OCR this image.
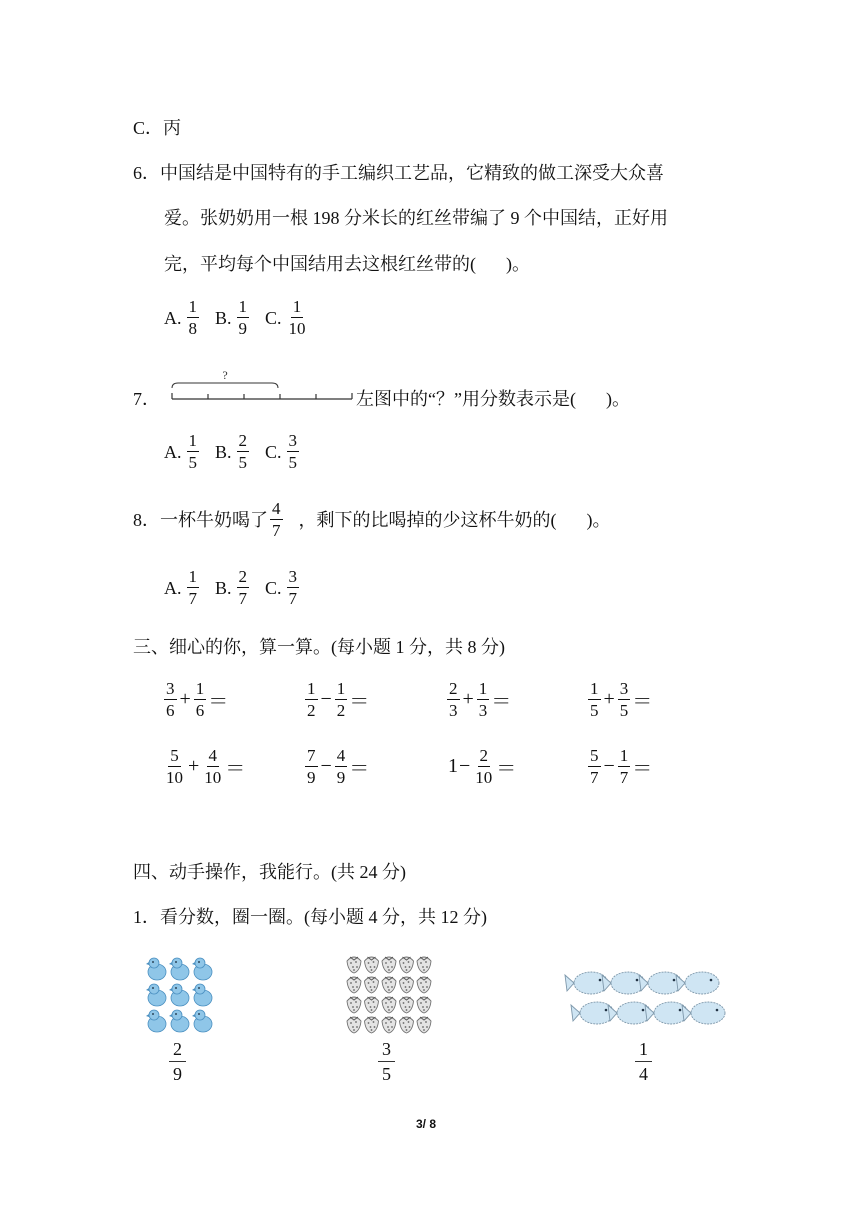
C．丙
6．中国结是中国特有的手工编织工艺品，它精致的做工深受大众喜
爱。张奶奶用一根 198 分米长的红丝带编了 9 个中国结，正好用
完，平均每个中国结用去这根红丝带的( )。
A. $\frac{1}{8} B$. $\frac{1}{9} C$. $\frac{1}{10}$
7．
?
左图中的“？”用分数表示是( )。
A. $\frac{1}{5} B$. $\frac{2}{5} C$. $\frac{3}{5}$
8．一杯牛奶喝了 $\frac{4}{7}$ ，剩下的比喝掉的少这杯牛奶的( )。
A. $\frac{1}{7} B$. $\frac{2}{7} C$. $\frac{3}{7}$
三、细心的你，算一算。(每小题 1 分，共 8 分)
$\frac{3}{6} + \frac{1}{6}$ ＝	$\frac{1}{2} - \frac{1}{2}$ ＝	$\frac{2}{3} + \frac{1}{3}$ ＝	$\frac{1}{5} + \frac{3}{5}$ ＝
$\frac{5}{10} + \frac{4}{10}$ ＝	$\frac{7}{9} - \frac{4}{9}$ ＝	$1 - \frac{2}{10}$ ＝	$\frac{5}{7} - \frac{1}{7}$ ＝
四、动手操作，我能行。(共 24 分)
1．看分数，圈一圈。(每小题 4 分，共 12 分)
$\frac{2}{9}$	$\frac{3}{5}$	$\frac{1}{4}$
3/ 8
